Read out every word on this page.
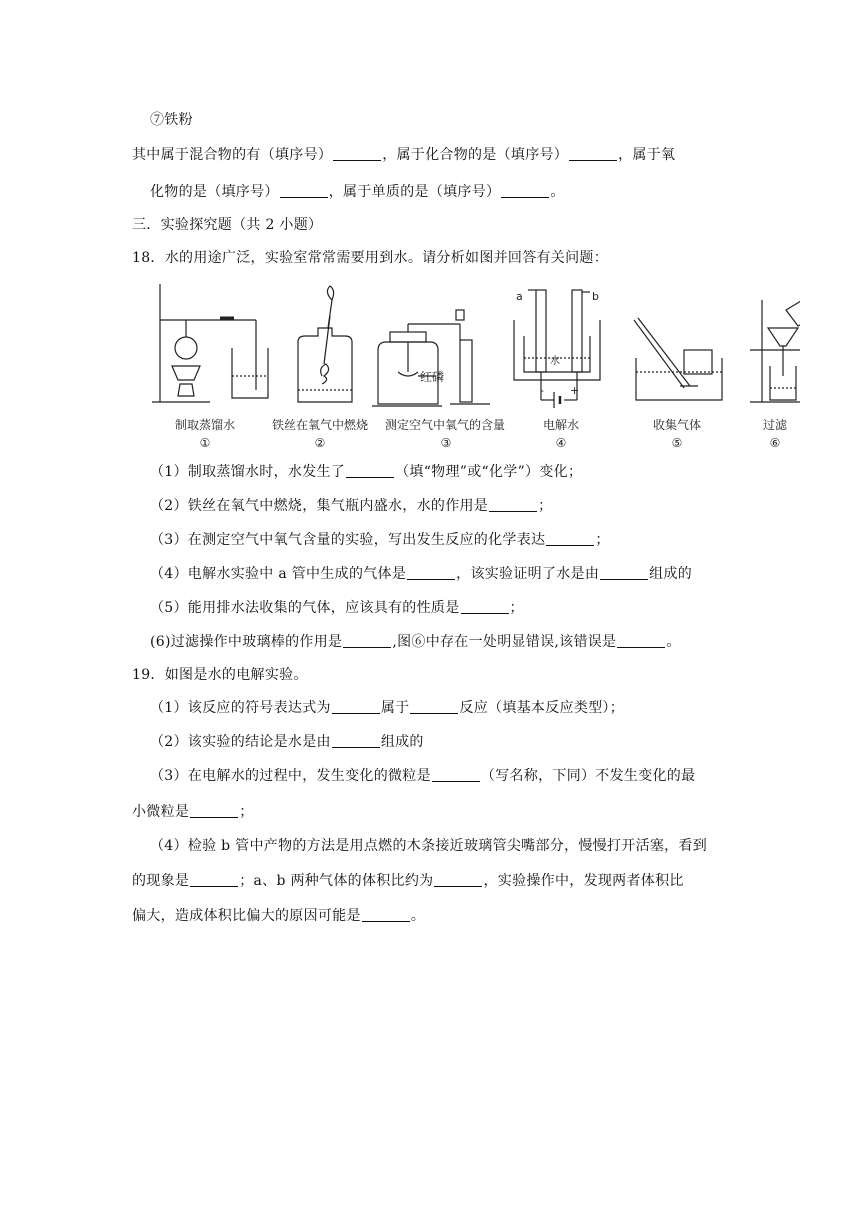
⑦铁粉
其中属于混合物的有（填序号）	，属于化合物的是（填序号）	，属于氧
化物的是（填序号）	，属于单质的是（填序号）	。
三．实验探究题（共 2 小题）
18．水的用途广泛，实验室常常需要用到水。请分析如图并回答有关问题：
红磷
a	b
水
- +
制取蒸馏水
①
铁丝在氧气中燃烧
②
测定空气中氧气的含量
③
电解水
④
收集气体
⑤
过滤
⑥
（1）制取蒸馏水时，水发生了	（填“物理”或“化学”）变化；
（2）铁丝在氧气中燃烧，集气瓶内盛水，水的作用是	；
（3）在测定空气中氧气含量的实验，写出发生反应的化学表达	；
（4）电解水实验中 a 管中生成的气体是	，该实验证明了水是由	组成的
（5）能用排水法收集的气体，应该具有的性质是	；
(6)过滤操作中玻璃棒的作用是	,图⑥中存在一处明显错误,该错误是	。
19．如图是水的电解实验。
（1）该反应的符号表达式为	属于	反应（填基本反应类型）；
（2）该实验的结论是水是由	组成的
（3）在电解水的过程中，发生变化的微粒是	（写名称，下同）不发生变化的最
小微粒是	；
（4）检验 b 管中产物的方法是用点燃的木条接近玻璃管尖嘴部分，慢慢打开活塞，看到
的现象是	；a、b 两种气体的体积比约为	，实验操作中，发现两者体积比
偏大，造成体积比偏大的原因可能是	。
